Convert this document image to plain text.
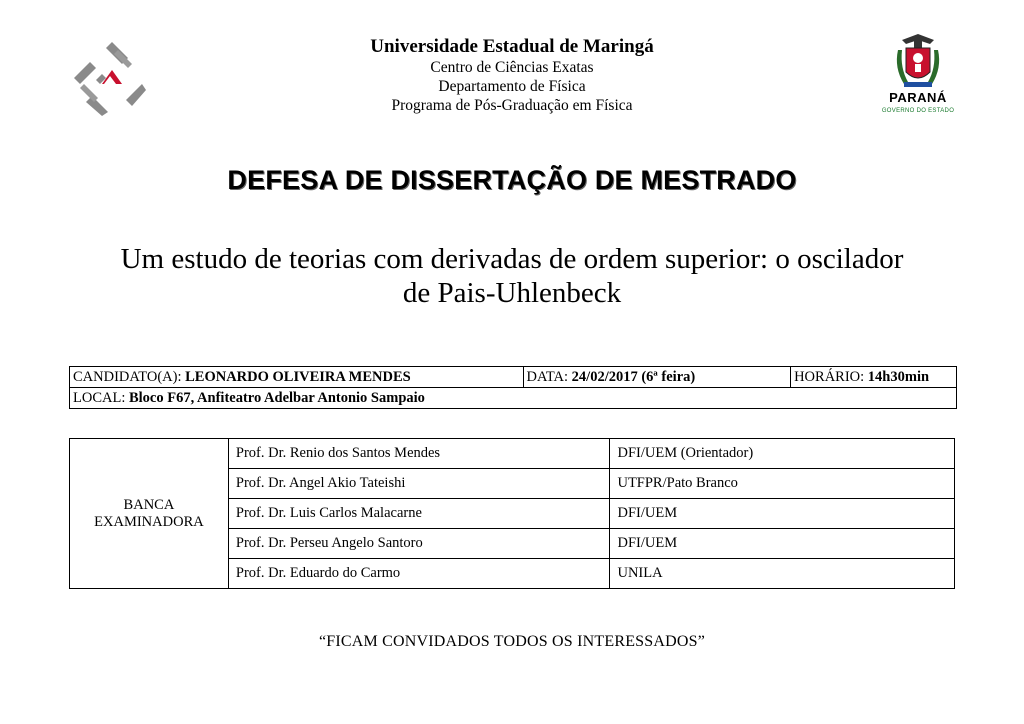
Universidade Estadual de Maringá
Centro de Ciências Exatas
Departamento de Física
Programa de Pós-Graduação em Física	PARANÁ
GOVERNO DO ESTADO
DEFESA DE DISSERTAÇÃO DE MESTRADO
Um estudo de teorias com derivadas de ordem superior: o oscilador
de Pais-Uhlenbeck
CANDIDATO(A): LEONARDO OLIVEIRA MENDES	DATA: 24/02/2017 (6ª feira)	HORÁRIO: 14h30min
LOCAL: Bloco F67, Anfiteatro Adelbar Antonio Sampaio
BANCA
EXAMINADORA	Prof. Dr. Renio dos Santos Mendes	DFI/UEM (Orientador)
	Prof. Dr. Angel Akio Tateishi	UTFPR/Pato Branco
	Prof. Dr. Luis Carlos Malacarne	DFI/UEM
	Prof. Dr. Perseu Angelo Santoro	DFI/UEM
	Prof. Dr. Eduardo do Carmo	UNILA
“FICAM CONVIDADOS TODOS OS INTERESSADOS”
